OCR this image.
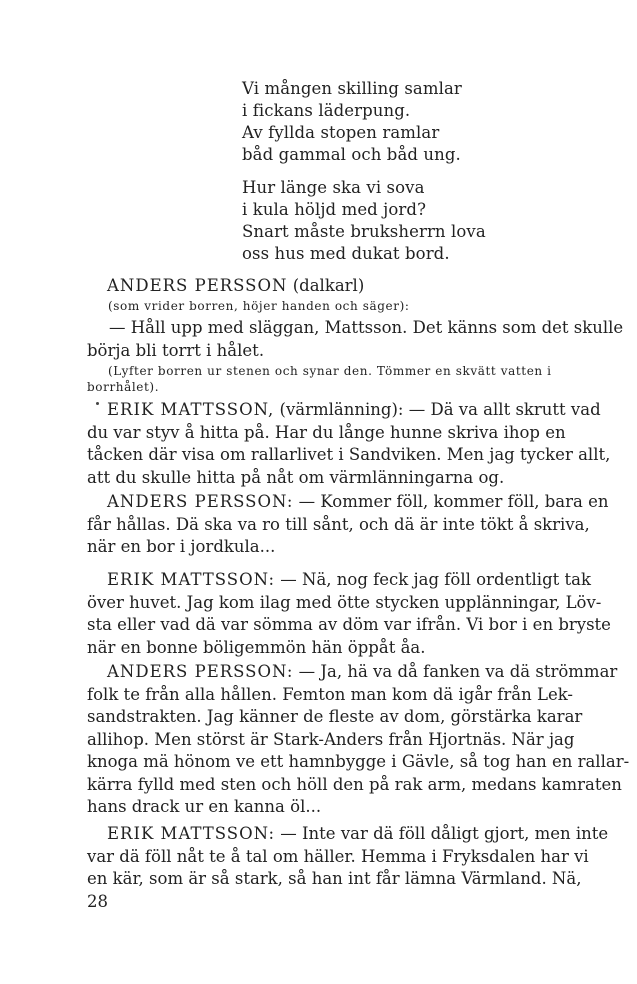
Vi mången skilling samlar
i fickans läderpung.
Av fyllda stopen ramlar
båd gammal och båd ung.
Hur länge ska vi sova
i kula höljd med jord?
Snart måste bruksherrn lova
oss hus med dukat bord.
ANDERS PERSSON (dalkarl)
(som vrider borren, höjer handen och säger):
— Håll upp med släggan, Mattsson. Det känns som det skulle
börja bli torrt i hålet.
(Lyfter borren ur stenen och synar den. Tömmer en skvätt vatten i
borrhålet).
ERIK MATTSSON, (värmlänning): — Dä va allt skrutt vad
du var styv å hitta på. Har du långe hunne skriva ihop en
tåcken där visa om rallarlivet i Sandviken. Men jag tycker allt,
att du skulle hitta på nåt om värmlänningarna og.
ANDERS PERSSON: — Kommer föll, kommer föll, bara en
får hållas. Dä ska va ro till sånt, och dä är inte tökt å skriva,
när en bor i jordkula...
ERIK MATTSSON: — Nä, nog feck jag föll ordentligt tak
över huvet. Jag kom ilag med ötte stycken upplänningar, Löv-
sta eller vad dä var sömma av döm var ifrån. Vi bor i en bryste
när en bonne böligemmön hän öppåt åa.
ANDERS PERSSON: — Ja, hä va då fanken va dä strömmar
folk te från alla hållen. Femton man kom dä igår från Lek-
sandstrakten. Jag känner de fleste av dom, görstärka karar
allihop. Men störst är Stark-Anders från Hjortnäs. När jag
knoga mä hönom ve ett hamnbygge i Gävle, så tog han en rallar-
kärra fylld med sten och höll den på rak arm, medans kamraten
hans drack ur en kanna öl...
ERIK MATTSSON: — Inte var dä föll dåligt gjort, men inte
var dä föll nåt te å tal om häller. Hemma i Fryksdalen har vi
en kär, som är så stark, så han int får lämna Värmland. Nä,
28
